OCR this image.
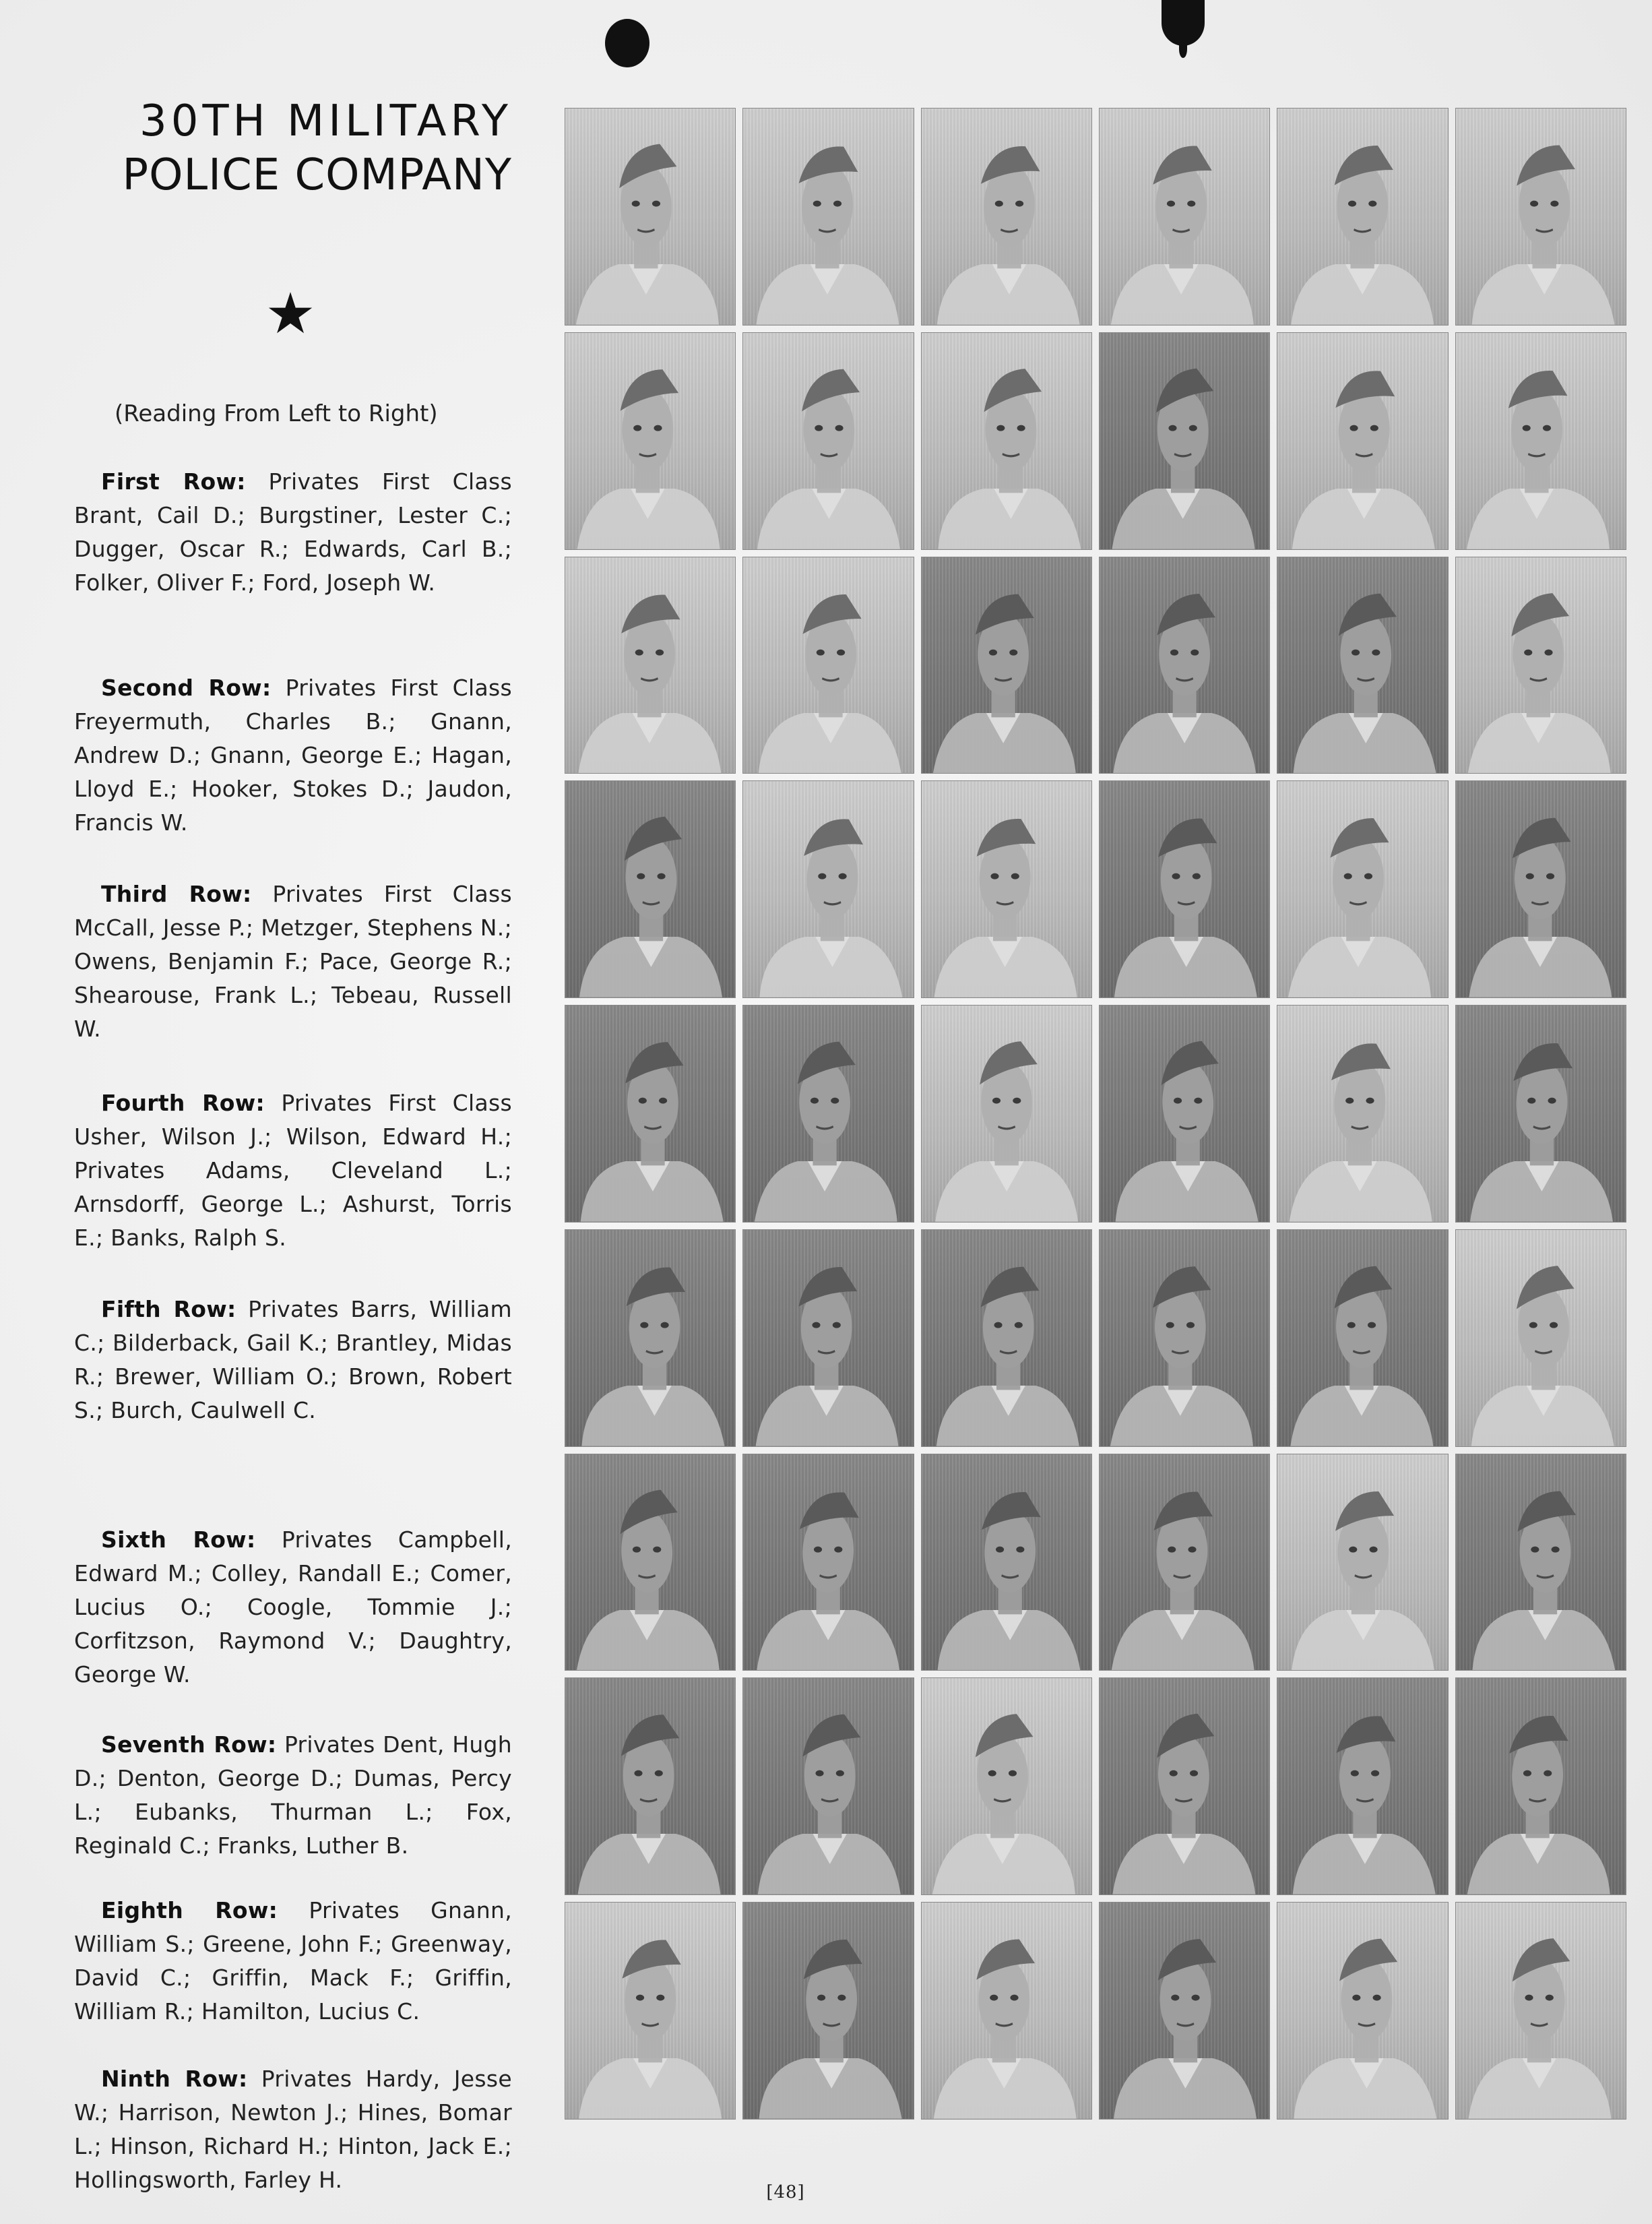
30TH MILITARY
POLICE COMPANY
★
(Reading From Left to Right)

First Row: Privates First Class Brant, Cail D.; Burgstiner, Lester C.; Dugger, Oscar R.; Edwards, Carl B.; Folker, Oliver F.; Ford, Joseph W.

Second Row: Privates First Class Freyermuth, Charles B.; Gnann, Andrew D.; Gnann, George E.; Hagan, Lloyd E.; Hooker, Stokes D.; Jaudon, Francis W.

Third Row: Privates First Class McCall, Jesse P.; Metzger, Stephens N.; Owens, Benjamin F.; Pace, George R.; Shearouse, Frank L.; Tebeau, Russell W.

Fourth Row: Privates First Class Usher, Wilson J.; Wilson, Edward H.; Privates Adams, Cleveland L.; Arnsdorff, George L.; Ashurst, Torris E.; Banks, Ralph S.

Fifth Row: Privates Barrs, William C.; Bilderback, Gail K.; Brantley, Midas R.; Brewer, William O.; Brown, Robert S.; Burch, Caulwell C.

Sixth Row: Privates Campbell, Edward M.; Colley, Randall E.; Comer, Lucius O.; Coogle, Tommie J.; Corfitzson, Raymond V.; Daughtry, George W.

Seventh Row: Privates Dent, Hugh D.; Denton, George D.; Dumas, Percy L.; Eubanks, Thurman L.; Fox, Reginald C.; Franks, Luther B.

Eighth Row: Privates Gnann, William S.; Greene, John F.; Greenway, David C.; Griffin, Mack F.; Griffin, William R.; Hamilton, Lucius C.

Ninth Row: Privates Hardy, Jesse W.; Harrison, Newton J.; Hines, Bomar L.; Hinson, Richard H.; Hinton, Jack E.; Hollingsworth, Farley H.	[48]
